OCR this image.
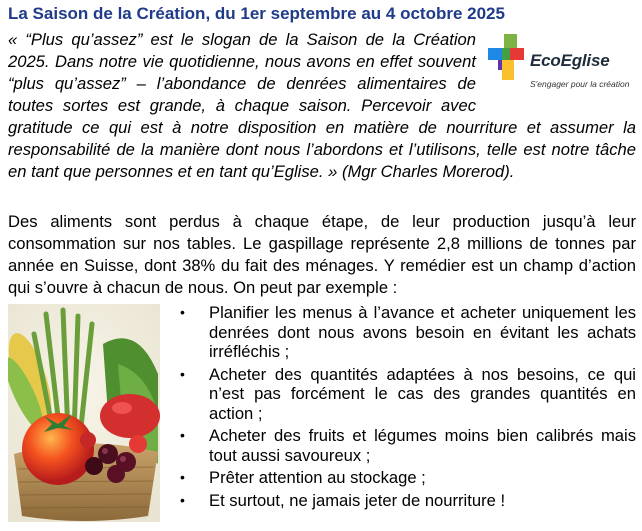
La Saison de la Création, du 1er septembre au 4 octobre 2025
EcoEglise
S'engager pour la création
« “Plus qu’assez” est le slogan de la Saison de la Création 2025. Dans notre vie quotidienne, nous avons en effet souvent “plus qu’assez” – l’abondance de denrées alimentaires de toutes sortes est grande, à chaque saison. Percevoir avec gratitude ce qui est à notre disposition en matière de nourriture et assumer la responsabilité de la manière dont nous l’abordons et l’utilisons, telle est notre tâche en tant que personnes et en tant qu’Eglise. » (Mgr Charles Morerod).
Des aliments sont perdus à chaque étape, de leur production jusqu’à leur consommation sur nos tables. Le gaspillage représente 2,8 millions de tonnes par année en Suisse, dont 38% du fait des ménages. Y remédier est un champ d’action qui s’ouvre à chacun de nous. On peut par exemple :
• Planifier les menus à l’avance et acheter uniquement les denrées dont nous avons besoin en évitant les achats irréfléchis ;
• Acheter des quantités adaptées à nos besoins, ce qui n’est pas forcément le cas des grandes quantités en action ;
• Acheter des fruits et légumes moins bien calibrés mais tout aussi savoureux ;
• Prêter attention au stockage ;
• Et surtout, ne jamais jeter de nourriture !
